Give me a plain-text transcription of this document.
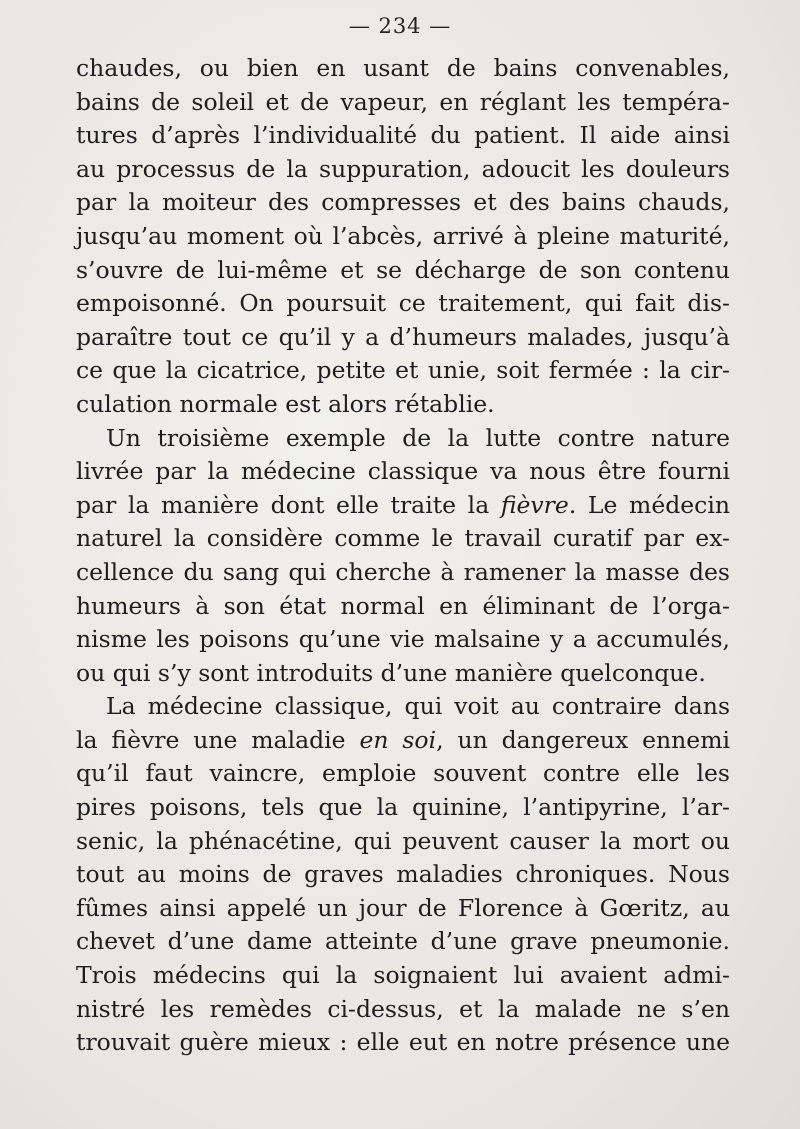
— 234 —
chaudes, ou bien en usant de bains convenables,
bains de soleil et de vapeur, en réglant les tempéra-
tures d’après l’individualité du patient. Il aide ainsi
au processus de la suppuration, adoucit les douleurs
par la moiteur des compresses et des bains chauds,
jusqu’au moment où l’abcès, arrivé à pleine maturité,
s’ouvre de lui-même et se décharge de son contenu
empoisonné. On poursuit ce traitement, qui fait dis-
paraître tout ce qu’il y a d’humeurs malades, jusqu’à
ce que la cicatrice, petite et unie, soit fermée : la cir-
culation normale est alors rétablie.
Un troisième exemple de la lutte contre nature
livrée par la médecine classique va nous être fourni
par la manière dont elle traite la fièvre. Le médecin
naturel la considère comme le travail curatif par ex-
cellence du sang qui cherche à ramener la masse des
humeurs à son état normal en éliminant de l’orga-
nisme les poisons qu’une vie malsaine y a accumulés,
ou qui s’y sont introduits d’une manière quelconque.
La médecine classique, qui voit au contraire dans
la fièvre une maladie en soi, un dangereux ennemi
qu’il faut vaincre, emploie souvent contre elle les
pires poisons, tels que la quinine, l’antipyrine, l’ar-
senic, la phénacétine, qui peuvent causer la mort ou
tout au moins de graves maladies chroniques. Nous
fûmes ainsi appelé un jour de Florence à Gœritz, au
chevet d’une dame atteinte d’une grave pneumonie.
Trois médecins qui la soignaient lui avaient admi-
nistré les remèdes ci-dessus, et la malade ne s’en
trouvait guère mieux : elle eut en notre présence une
